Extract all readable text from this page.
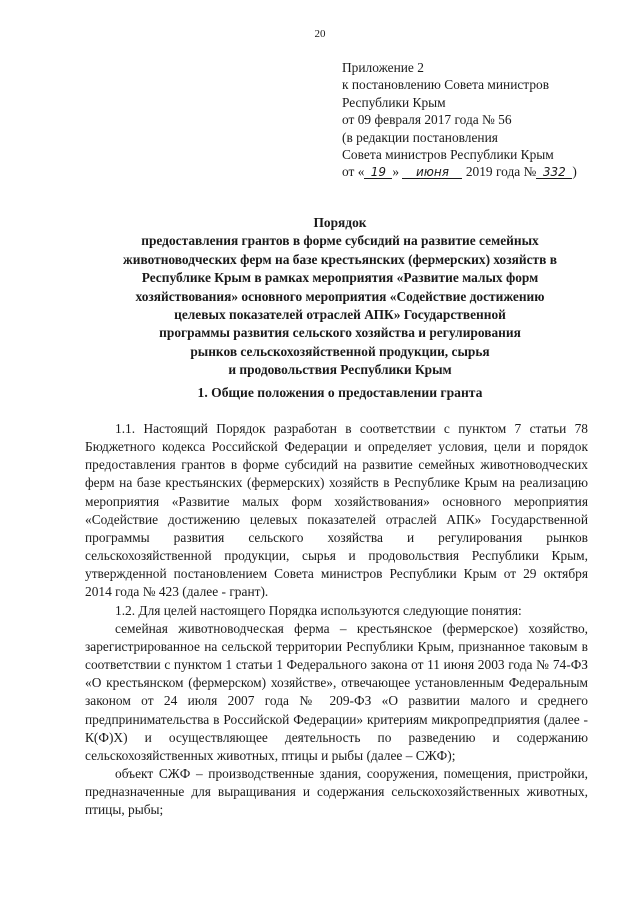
20
Приложение 2
к постановлению Совета министров
Республики Крым
от 09 февраля 2017 года № 56
(в редакции постановления
Совета министров Республики Крым
от « 19 » июня 2019 года № 332 )
Порядок
предоставления грантов в форме субсидий на развитие семейных
животноводческих ферм на базе крестьянских (фермерских) хозяйств в
Республике Крым в рамках мероприятия «Развитие малых форм
хозяйствования» основного мероприятия «Содействие достижению
целевых показателей отраслей АПК» Государственной
программы развития сельского хозяйства и регулирования
рынков сельскохозяйственной продукции, сырья
и продовольствия Республики Крым
1. Общие положения о предоставлении гранта

1.1. Настоящий Порядок разработан в соответствии с пунктом 7 статьи 78 Бюджетного кодекса Российской Федерации и определяет условия, цели и порядок предоставления грантов в форме субсидий на развитие семейных животноводческих ферм на базе крестьянских (фермерских) хозяйств в Республике Крым на реализацию мероприятия «Развитие малых форм хозяйствования» основного мероприятия «Содействие достижению целевых показателей отраслей АПК» Государственной программы развития сельского хозяйства и регулирования рынков сельскохозяйственной продукции, сырья и продовольствия Республики Крым, утвержденной постановлением Совета министров Республики Крым от 29 октября 2014 года № 423 (далее - грант).

1.2. Для целей настоящего Порядка используются следующие понятия:

семейная животноводческая ферма – крестьянское (фермерское) хозяйство, зарегистрированное на сельской территории Республики Крым, признанное таковым в соответствии с пунктом 1 статьи 1 Федерального закона от 11 июня 2003 года № 74-ФЗ «О крестьянском (фермерском) хозяйстве», отвечающее установленным Федеральным законом от 24 июля 2007 года № 209-ФЗ «О развитии малого и среднего предпринимательства в Российской Федерации» критериям микропредприятия (далее - К(Ф)Х) и осуществляющее деятельность по разведению и содержанию сельскохозяйственных животных, птицы и рыбы (далее – СЖФ);

объект СЖФ – производственные здания, сооружения, помещения, пристройки, предназначенные для выращивания и содержания сельскохозяйственных животных, птицы, рыбы;
